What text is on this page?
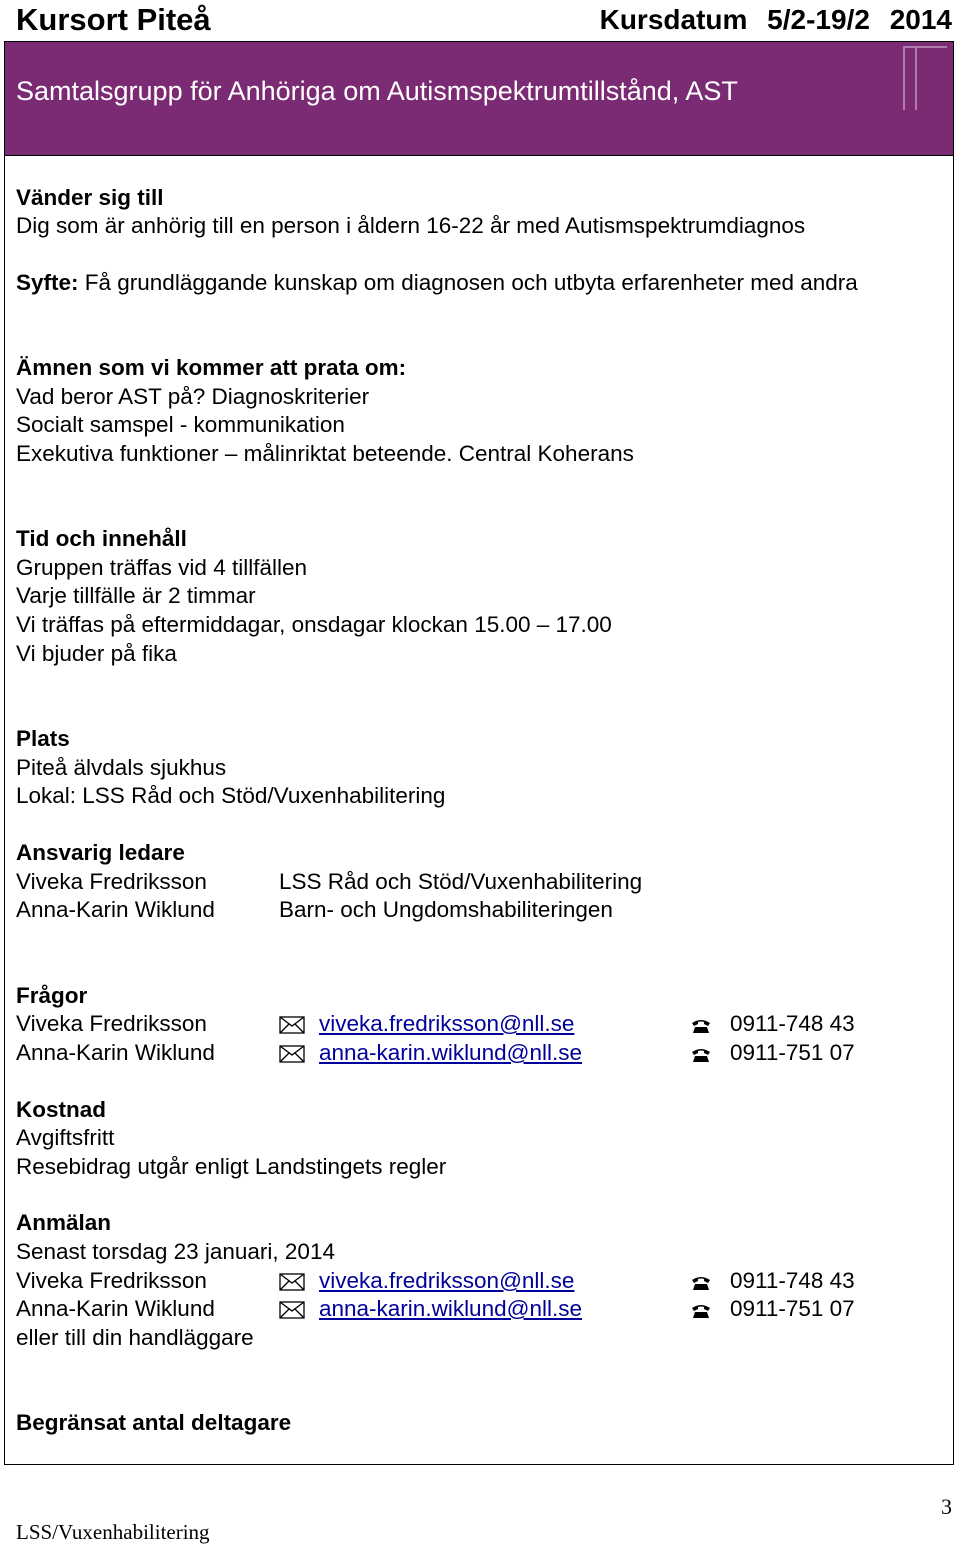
Kursort Piteå	Kursdatum 5/2-19/2 2014
Samtalsgrupp för Anhöriga om Autismspektrumtillstånd, AST
Vänder sig till
Dig som är anhörig till en person i åldern 16-22 år med Autismspektrumdiagnos
Syfte: Få grundläggande kunskap om diagnosen och utbyta erfarenheter med andra
Ämnen som vi kommer att prata om:
Vad beror AST på? Diagnoskriterier
Socialt samspel - kommunikation
Exekutiva funktioner – målinriktat beteende. Central Koherans
Tid och innehåll
Gruppen träffas vid 4 tillfällen
Varje tillfälle är 2 timmar
Vi träffas på eftermiddagar, onsdagar klockan 15.00 – 17.00
Vi bjuder på fika
Plats
Piteå älvdals sjukhus
Lokal: LSS Råd och Stöd/Vuxenhabilitering
Ansvarig ledare
Viveka Fredriksson	LSS Råd och Stöd/Vuxenhabilitering
Anna-Karin Wiklund	Barn- och Ungdomshabiliteringen
Frågor
Viveka Fredriksson	viveka.fredriksson@nll.se	0911-748 43
Anna-Karin Wiklund	anna-karin.wiklund@nll.se	0911-751 07
Kostnad
Avgiftsfritt
Resebidrag utgår enligt Landstingets regler
Anmälan
Senast torsdag 23 januari, 2014
Viveka Fredriksson	viveka.fredriksson@nll.se	0911-748 43
Anna-Karin Wiklund	anna-karin.wiklund@nll.se	0911-751 07
eller till din handläggare
Begränsat antal deltagare
LSS/Vuxenhabilitering
3
